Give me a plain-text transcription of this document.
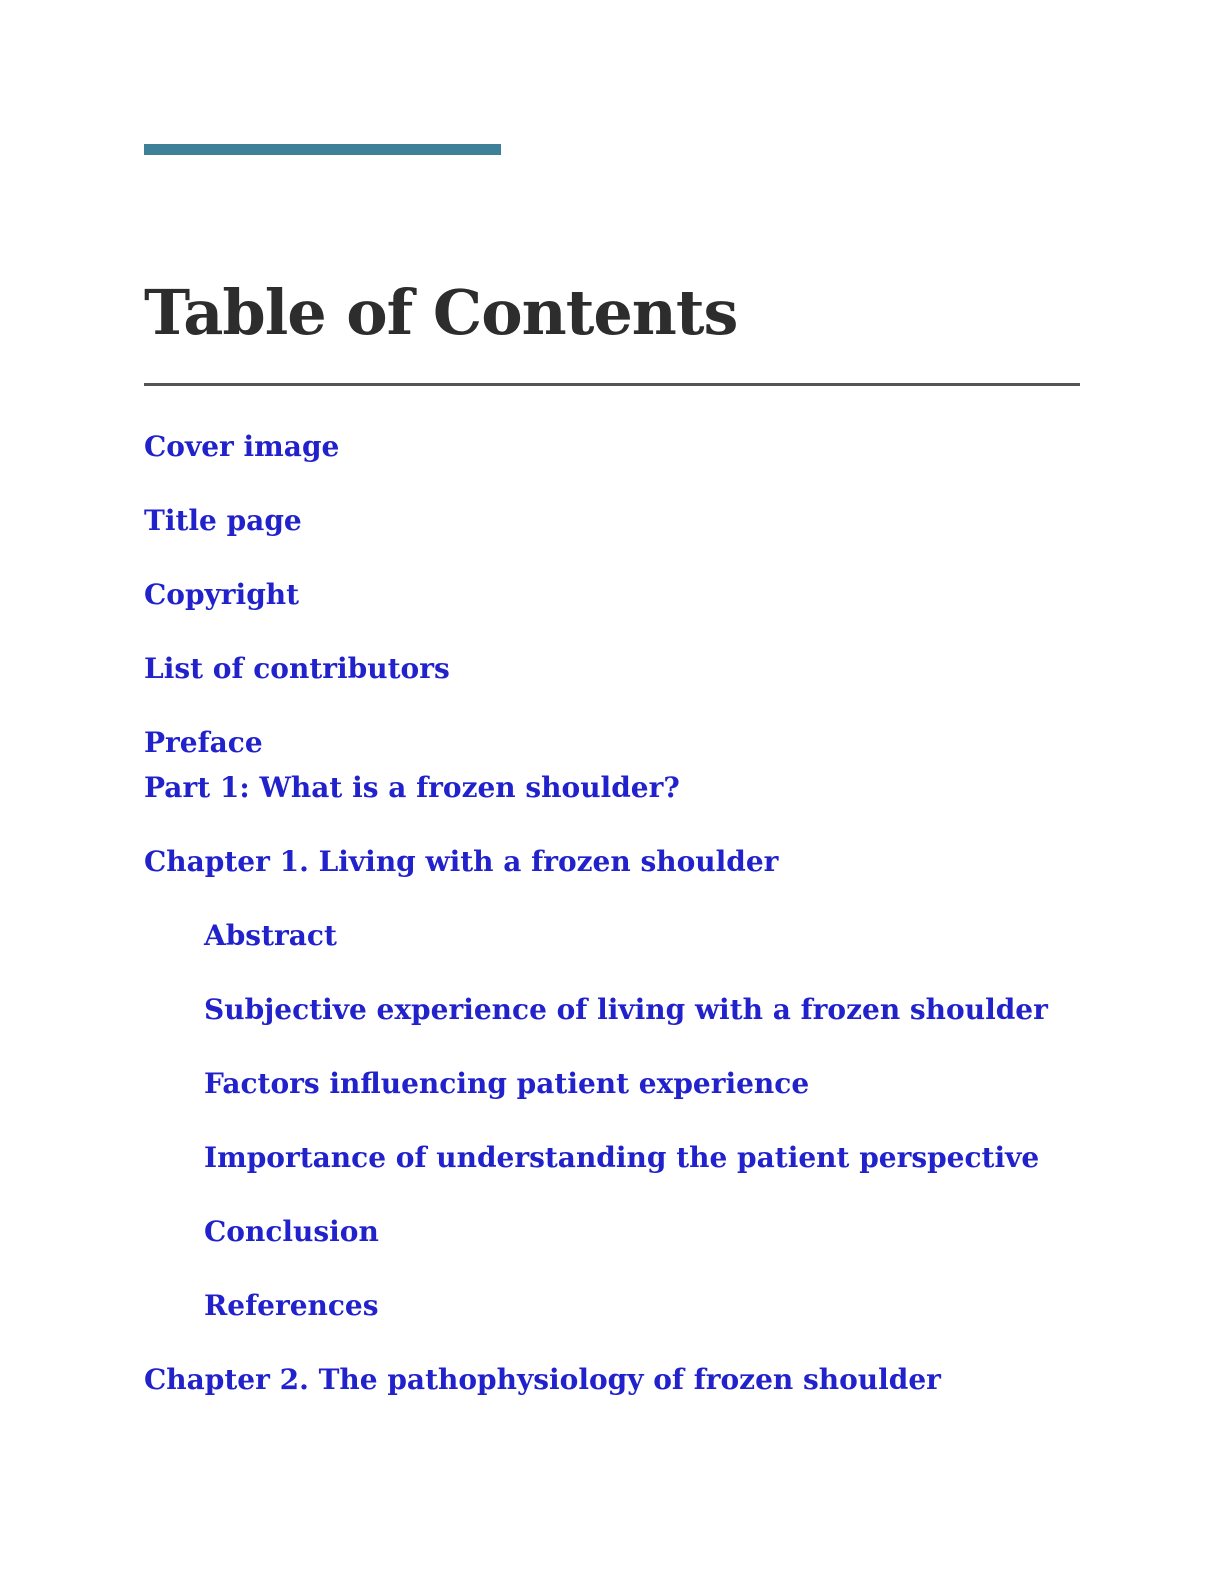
Table of Contents
Cover image
Title page
Copyright
List of contributors
Preface
Part 1: What is a frozen shoulder?
Chapter 1. Living with a frozen shoulder
Abstract
Subjective experience of living with a frozen shoulder
Factors influencing patient experience
Importance of understanding the patient perspective
Conclusion
References
Chapter 2. The pathophysiology of frozen shoulder
